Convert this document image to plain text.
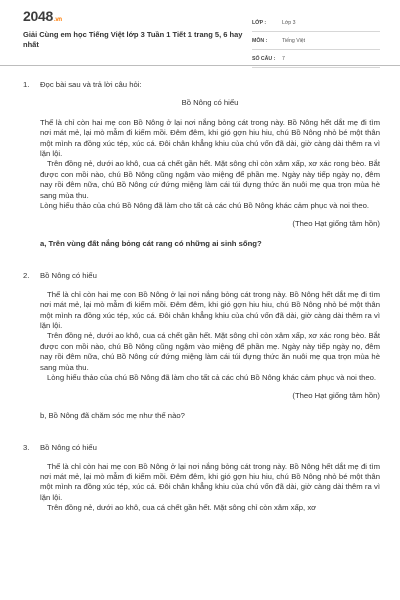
2048.vn
Giải Cùng em học Tiếng Việt lớp 3 Tuần 1 Tiết 1 trang 5, 6 hay nhất
LỚP :	Lớp 3
MÔN :	Tiếng Việt
SỐ CÂU :	7
1. Đọc bài sau và trả lời câu hỏi:
Bồ Nông có hiếu
Thế là chỉ còn hai mẹ con Bồ Nông ở lại nơi nắng bỏng cát trong này. Bồ Nông hết dắt mẹ đi tìm nơi mát mẻ, lại mò mẫm đi kiếm mồi. Đêm đêm, khi gió gợn hiu hiu, chú Bồ Nông nhỏ bé một thân một mình ra đồng xúc tép, xúc cá. Đôi chân khẳng khiu của chú vốn đã dài, giờ càng dài thêm ra vì lặn lội.
Trên đồng nẻ, dưới ao khô, cua cá chết gần hết. Mặt sông chỉ còn xâm xấp, xơ xác rong bèo. Bắt được con mồi nào, chú Bồ Nông cũng ngậm vào miệng để phần mẹ. Ngày này tiếp ngày nọ, đêm nay rồi đêm nữa, chú Bồ Nông cứ đứng miệng làm cái túi đựng thức ăn nuôi mẹ qua trọn mùa hè sang mùa thu.
Lòng hiếu thảo của chú Bồ Nông đã làm cho tất cả các chú Bồ Nông khác cảm phục và noi theo.
(Theo Hạt giống tâm hồn)
a, Trên vùng đất nắng bỏng cát rang có những ai sinh sống?
2. Bồ Nông có hiếu
Thế là chỉ còn hai mẹ con Bồ Nông ở lại nơi nắng bỏng cát trong này. Bồ Nông hết dắt mẹ đi tìm nơi mát mẻ, lại mò mẫm đi kiếm mồi. Đêm đêm, khi gió gợn hiu hiu, chú Bồ Nông nhỏ bé một thân một mình ra đồng xúc tép, xúc cá. Đôi chân khẳng khiu của chú vốn đã dài, giờ càng dài thêm ra vì lặn lội.
Trên đồng nẻ, dưới ao khô, cua cá chết gần hết. Mặt sông chỉ còn xâm xấp, xơ xác rong bèo. Bắt được con mồi nào, chú Bồ Nông cũng ngậm vào miệng để phần mẹ. Ngày này tiếp ngày nọ, đêm nay rồi đêm nữa, chú Bồ Nông cứ đứng miệng làm cái túi đựng thức ăn nuôi mẹ qua trọn mùa hè sang mùa thu.
Lòng hiếu thảo của chú Bồ Nông đã làm cho tất cả các chú Bồ Nông khác cảm phục và noi theo.
(Theo Hạt giống tâm hồn)
b, Bồ Nông đã chăm sóc mẹ như thế nào?
3. Bồ Nông có hiếu
Thế là chỉ còn hai mẹ con Bồ Nông ở lại nơi nắng bỏng cát trong này. Bồ Nông hết dắt mẹ đi tìm nơi mát mẻ, lại mò mẫm đi kiếm mồi. Đêm đêm, khi gió gợn hiu hiu, chú Bồ Nông nhỏ bé một thân một mình ra đồng xúc tép, xúc cá. Đôi chân khẳng khiu của chú vốn đã dài, giờ càng dài thêm ra vì lặn lội.
Trên đồng nẻ, dưới ao khô, cua cá chết gần hết. Mặt sông chỉ còn xâm xấp, xơ
